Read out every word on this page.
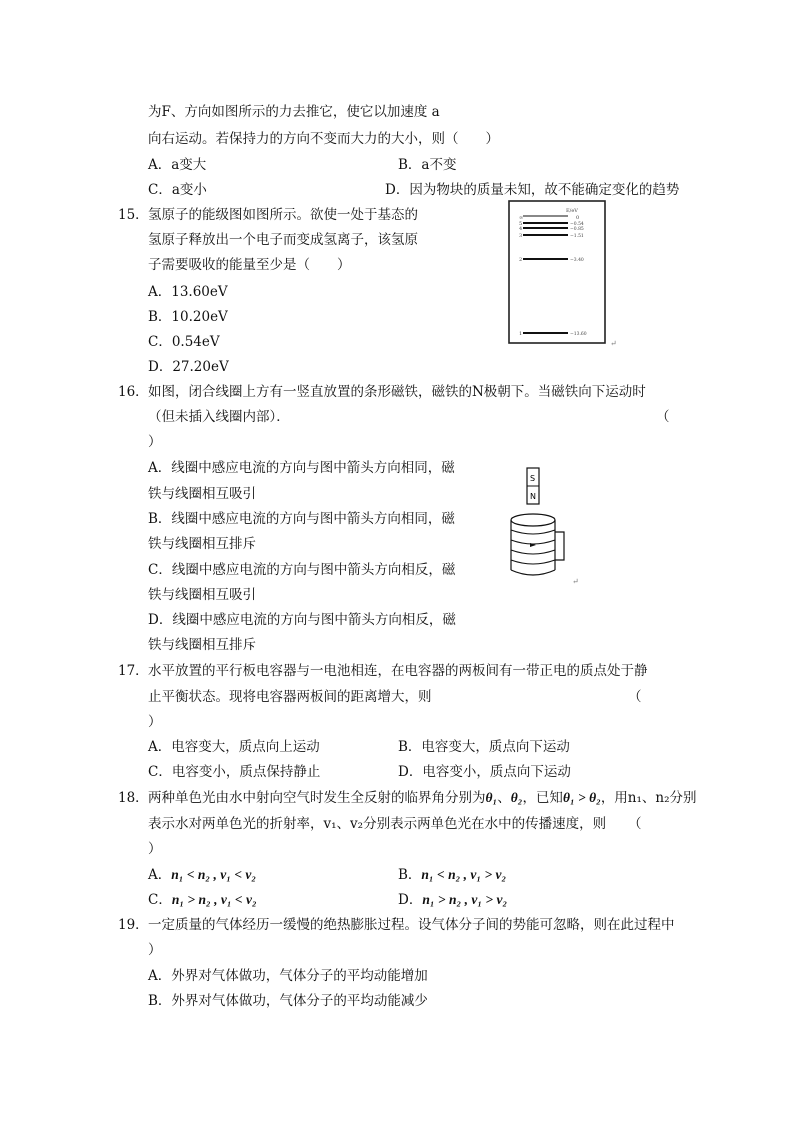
为F、方向如图所示的力去推它，使它以加速度 a
向右运动。若保持力的方向不变而大力的大小，则（　　）
A．a变大	B．a不变
C．a变小	D．因为物块的质量未知，故不能确定变化的趋势
15． 氢原子的能级图如图所示。欲使一处于基态的
氢原子释放出一个电子而变成氢离子，该氢原
子需要吸收的能量至少是（　　）
A．13.60eV
B．10.20eV
C．0.54eV
D．27.20eV
E/eV
0
∞
5	−0.54
4	−0.85
3	−1.51
2	−3.40
1	−13.60
↵
16． 如图，闭合线圈上方有一竖直放置的条形磁铁，磁铁的N极朝下。当磁铁向下运动时
（但未插入线圈内部）．	（
）
A．线圈中感应电流的方向与图中箭头方向相同，磁
铁与线圈相互吸引
B．线圈中感应电流的方向与图中箭头方向相同，磁
铁与线圈相互排斥
C．线圈中感应电流的方向与图中箭头方向相反，磁
铁与线圈相互吸引
D．线圈中感应电流的方向与图中箭头方向相反，磁
铁与线圈相互排斥
S
N
↵
17． 水平放置的平行板电容器与一电池相连，在电容器的两板间有一带正电的质点处于静
止平衡状态。现将电容器两板间的距离增大，则	（
）
A．电容变大，质点向上运动	B．电容变大，质点向下运动
C．电容变小，质点保持静止	D．电容变小，质点向下运动
18． 两种单色光由水中射向空气时发生全反射的临界角分别为θ₁、θ₂，已知θ₁ > θ₂，用n₁、n₂分别
表示水对两单色光的折射率，v₁、v₂分别表示两单色光在水中的传播速度，则 （
）
A．n₁ < n₂ , v₁ < v₂	B．n₁ < n₂ , v₁ > v₂
C．n₁ > n₂ , v₁ < v₂	D．n₁ > n₂ , v₁ > v₂
19． 一定质量的气体经历一缓慢的绝热膨胀过程。设气体分子间的势能可忽略，则在此过程中
）
A．外界对气体做功，气体分子的平均动能增加
B．外界对气体做功，气体分子的平均动能减少
